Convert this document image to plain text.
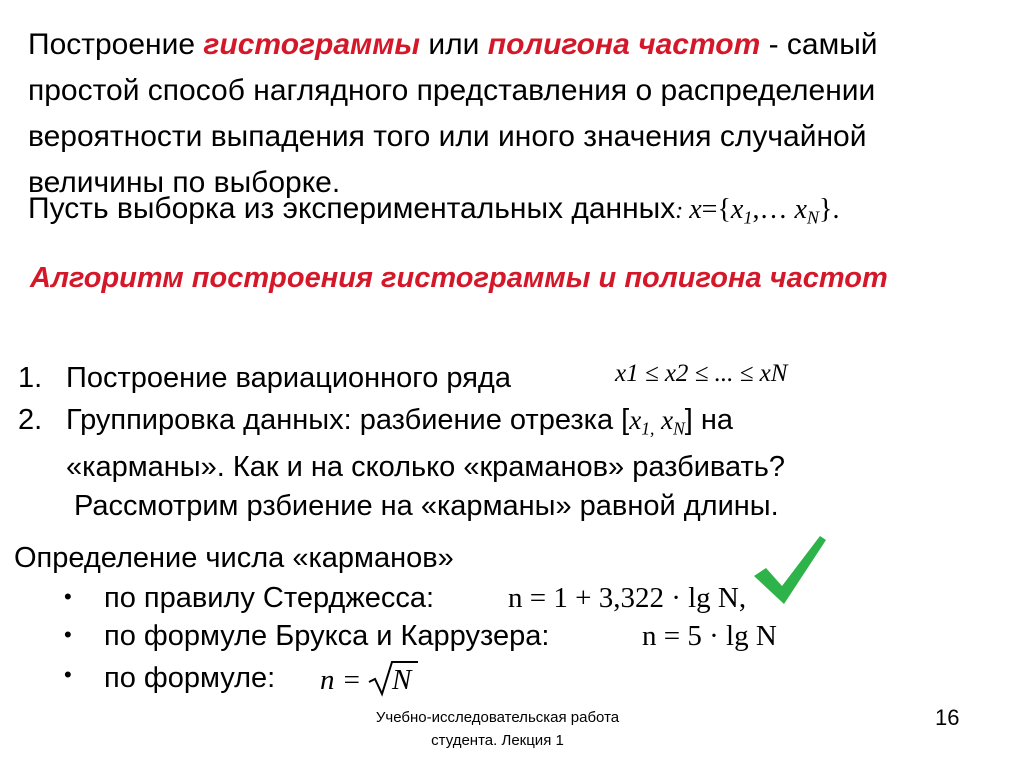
Построение гистограммы или полигона частот - самый
простой способ наглядного представления о распределении
вероятности выпадения того или иного значения случайной
величины по выборке.
Пусть выборка из экспериментальных данных: $x=\{x_1,\dots$ $x_N$}.
Алгоритм построения гистограммы и полигона частот
1. Построение вариационного ряда	x1 ≤ x2 ≤ ... ≤ xN
2. Группировка данных: разбиение отрезка [$x_{1,}$ $x_N$] на
«карманы». Как и на сколько «краманов» разбивать?
Рассмотрим рзбиение на «карманы» равной длины.
Определение числа «карманов»
• по правилу Стерджесса:	n = 1 + 3,322 · lg N,
• по формуле Брукса и Каррузера:	n = 5 · lg N
• по формуле: n = N
Учебно-исследовательская работа
студента. Лекция 1
16
